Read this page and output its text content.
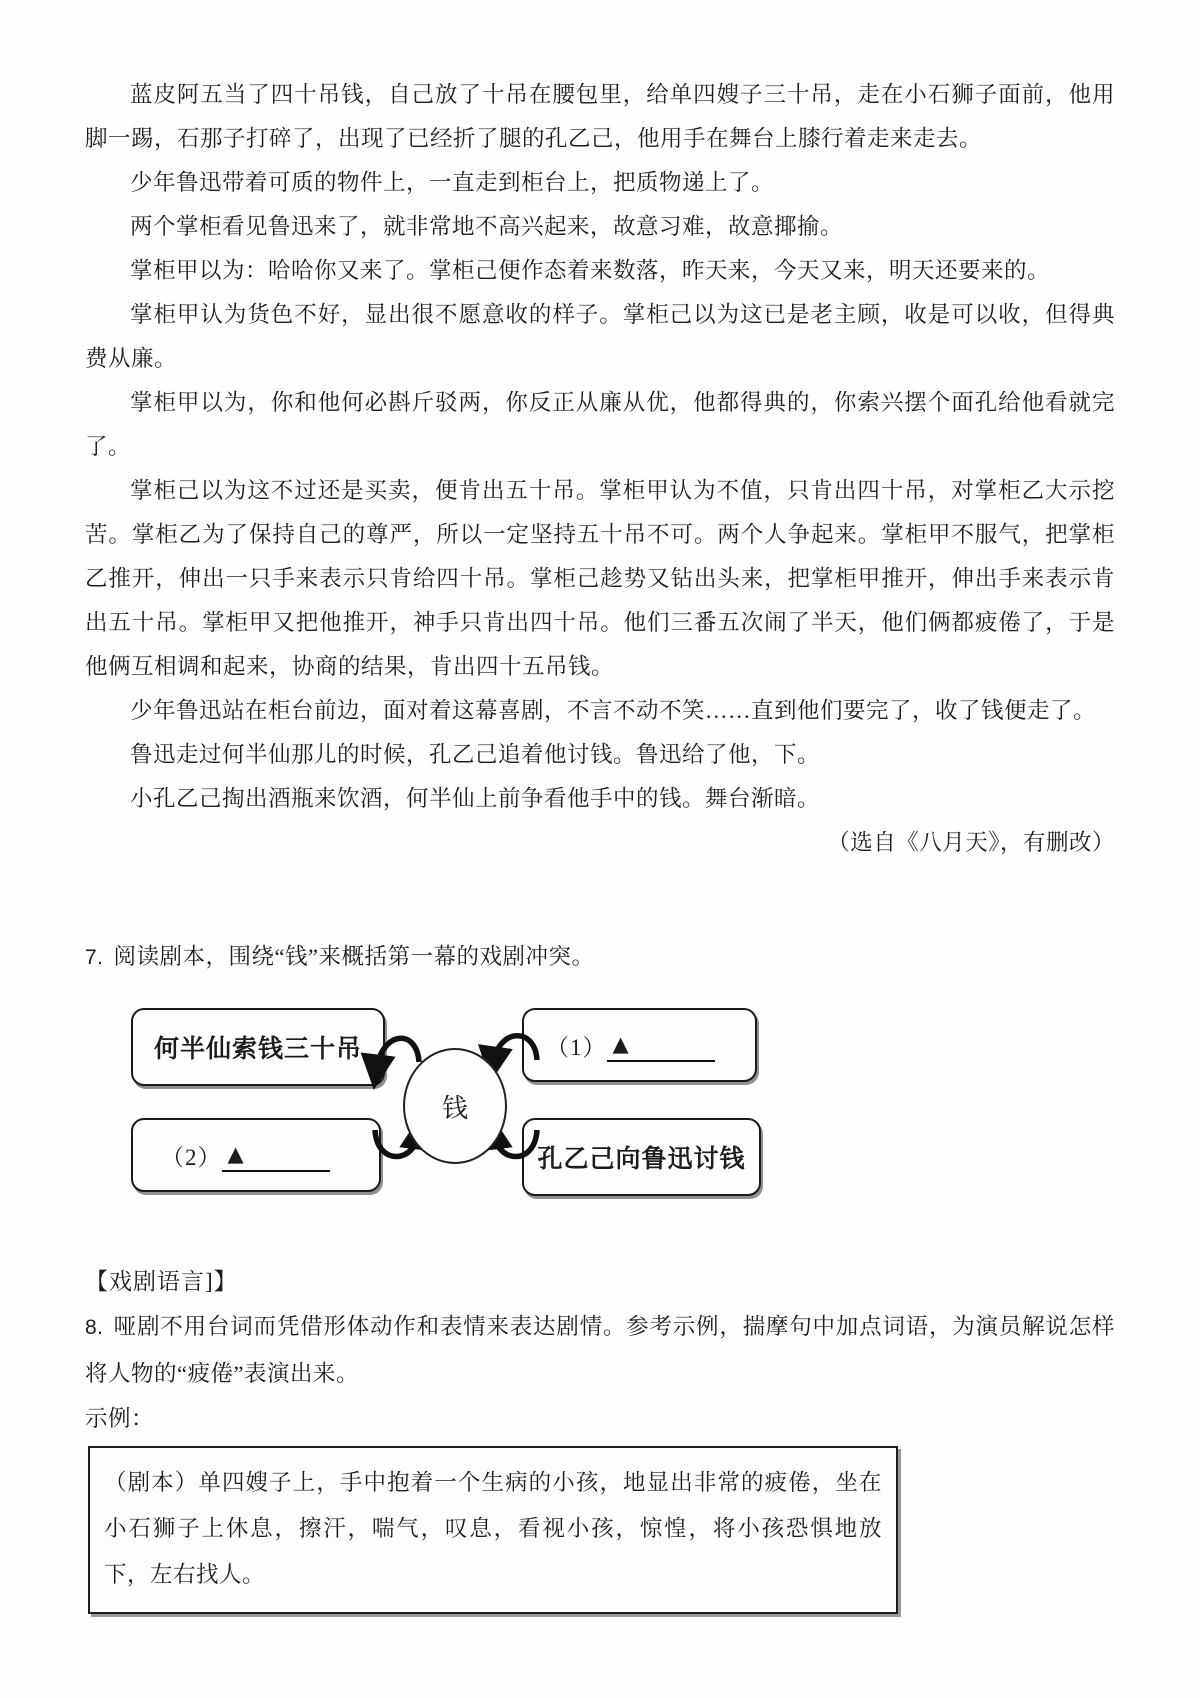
蓝皮阿五当了四十吊钱，自己放了十吊在腰包里，给单四嫂子三十吊，走在小石狮子面前，他用脚一踢，石那子打碎了，出现了已经折了腿的孔乙己，他用手在舞台上膝行着走来走去。

少年鲁迅带着可质的物件上，一直走到柜台上，把质物递上了。

两个掌柜看见鲁迅来了，就非常地不高兴起来，故意习难，故意揶揄。

掌柜甲以为：哈哈你又来了。掌柜己便作态着来数落，昨天来，今天又来，明天还要来的。

掌柜甲认为货色不好，显出很不愿意收的样子。掌柜己以为这已是老主顾，收是可以收，但得典费从廉。

掌柜甲以为，你和他何必斟斤驳两，你反正从廉从优，他都得典的，你索兴摆个面孔给他看就完了。

掌柜己以为这不过还是买卖，便肯出五十吊。掌柜甲认为不值，只肯出四十吊，对掌柜乙大示挖苦。掌柜乙为了保持自己的尊严，所以一定坚持五十吊不可。两个人争起来。掌柜甲不服气，把掌柜乙推开，伸出一只手来表示只肯给四十吊。掌柜己趁势又钻出头来，把掌柜甲推开，伸出手来表示肯出五十吊。掌柜甲又把他推开，神手只肯出四十吊。他们三番五次闹了半天，他们俩都疲倦了，于是他俩互相调和起来，协商的结果，肯出四十五吊钱。

少年鲁迅站在柜台前边，面对着这幕喜剧，不言不动不笑……直到他们要完了，收了钱便走了。

鲁迅走过何半仙那儿的时候，孔乙己追着他讨钱。鲁迅给了他，下。

小孔乙己掏出酒瓶来饮酒，何半仙上前争看他手中的钱。舞台渐暗。

（选自《八月天》，有删改）

7. 阅读剧本，围绕“钱”来概括第一幕的戏剧冲突。

何半仙索钱三十吊	（1） ▲
钱
（2） ▲	孔乙己向鲁迅讨钱

【戏剧语言]】

8. 哑剧不用台词而凭借形体动作和表情来表达剧情。参考示例，揣摩句中加点词语，为演员解说怎样将人物的“疲倦”表演出来。

示例：

（剧本）单四嫂子上，手中抱着一个生病的小孩，地显出非常的疲倦，坐在小石狮子上休息，擦汗，喘气，叹息，看视小孩，惊惶，将小孩恐惧地放下，左右找人。
